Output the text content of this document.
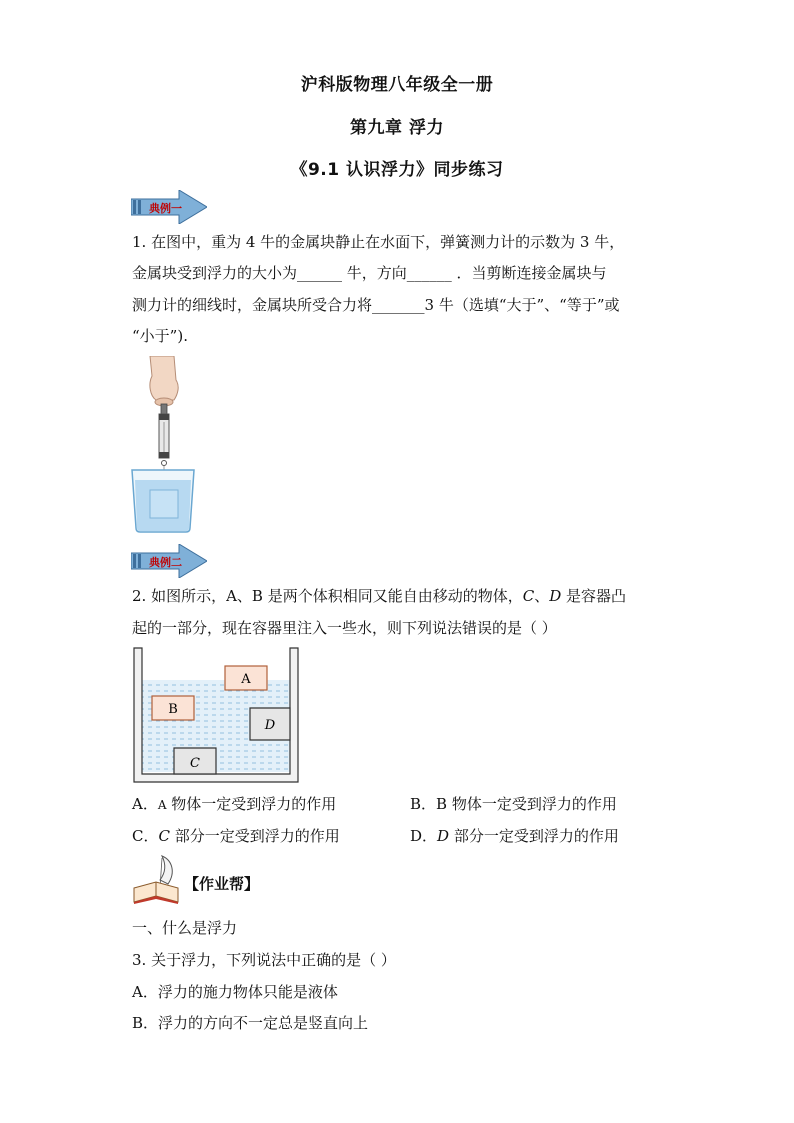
沪科版物理八年级全一册
第九章 浮力
《9.1 认识浮力》同步练习
典例一
1. 在图中，重为 4 牛的金属块静止在水面下，弹簧测力计的示数为 3 牛，
金属块受到浮力的大小为______ 牛，方向______ ．当剪断连接金属块与
测力计的细线时，金属块所受合力将_______3 牛（选填“大于”、“等于”或
“小于”).
典例二
2. 如图所示，A、B 是两个体积相同又能自由移动的物体，C、D 是容器凸
起的一部分，现在容器里注入一些水，则下列说法错误的是（ ）
C
D
A
B
A．A 物体一定受到浮力的作用	B．B 物体一定受到浮力的作用
C．C 部分一定受到浮力的作用	D．D 部分一定受到浮力的作用
【作业帮】
一、什么是浮力
3. 关于浮力，下列说法中正确的是（ ）
A．浮力的施力物体只能是液体
B．浮力的方向不一定总是竖直向上
